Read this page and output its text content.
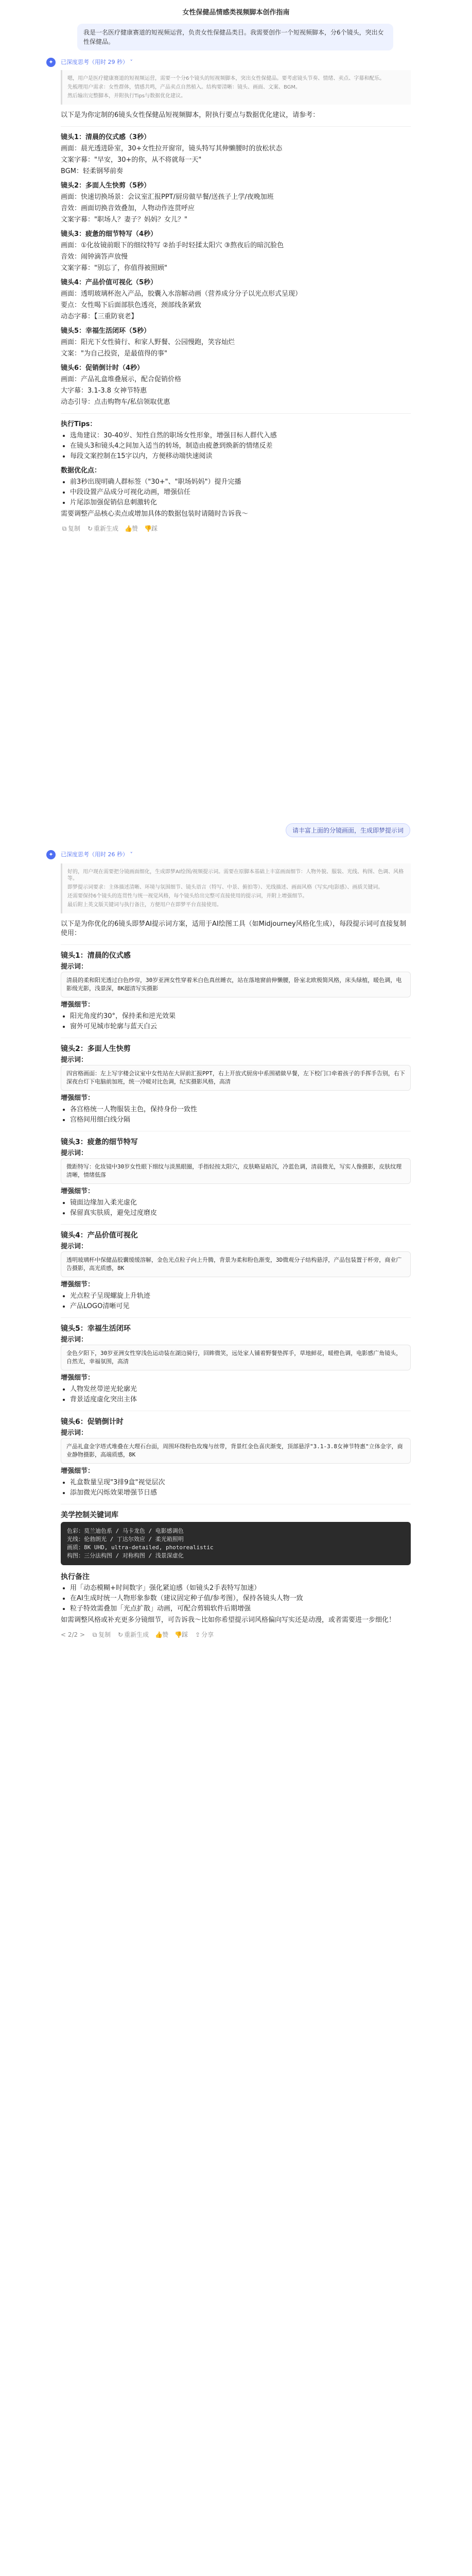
女性保健品情感类视频脚本创作指南
我是一名医疗健康赛道的短视频运营，负责女性保健品类目。我需要创作一个短视频脚本，分6个镜头，突出女性保健品。
✦	已深度思考（用时 29 秒） ˅
嗯，用户是医疗健康赛道的短视频运营，需要一个分6个镜头的短视频脚本，突出女性保健品。要考虑镜头节奏、情绪、卖点、字幕和配乐。
先梳理用户需求：女性群体，情感共鸣，产品卖点自然植入。结构要清晰：镜头、画面、文案、BGM。
然后输出完整脚本，并附执行Tips与数据优化建议。
以下是为你定制的6镜头女性保健品短视频脚本，附执行要点与数据优化建议，请参考：
镜头1：清晨的仪式感（3秒）
画面：晨光透进卧室，30+女性拉开窗帘，镜头特写其伸懒腰时的放松状态
文案字幕："早安，30+的你，从不将就每一天"
BGM：轻柔钢琴前奏
镜头2：多面人生快剪（5秒）
画面：快速切换场景：会议室汇报PPT/厨房做早餐/送孩子上学/夜晚加班
音效：画面切换音效叠加，人物动作连贯呼应
文案字幕："职场人？妻子？妈妈？女儿？"
镜头3：疲惫的细节特写（4秒）
画面：①化妆镜前眼下的细纹特写 ②抬手时轻揉太阳穴 ③熬夜后的暗沉脸色
音效：闹钟滴答声放慢
文案字幕："别忘了，你值得被照顾"
镜头4：产品价值可视化（5秒）
画面：透明玻璃杯泡入产品，胶囊入水溶解动画（营养成分分子以光点形式呈现）
要点：女性喝下后面部肤色透亮，颈部线条紧致
动态字幕：【三重防衰老】
镜头5：幸福生活闭环（5秒）
画面：阳光下女性骑行、和家人野餐、公园慢跑，笑容灿烂
文案："为自己投资，是最值得的事"
镜头6：促销倒计时（4秒）
画面：产品礼盒堆叠展示，配合促销价格
大字幕：3.1-3.8 女神节特惠
动态引导：点击购物车/私信领取优惠
执行Tips：
• 选角建议：30-40岁、知性自然的职场女性形象，增强目标人群代入感
• 在镜头3和镜头4之间加入适当的转场，制造由疲惫到焕新的情绪反差
• 每段文案控制在15字以内，方便移动端快速阅读
数据优化点：
• 前3秒出现明确人群标签（"30+"、"职场妈妈"）提升完播
• 中段设置产品成分可视化动画，增强信任
• 片尾添加强促销信息刺激转化
需要调整产品核心卖点或增加具体的数据包装时请随时告诉我～
⧉ 复制 ↻ 重新生成 👍赞 👎踩
请丰富上面的分镜画面，生成即梦提示词
✦	已深度思考（用时 26 秒） ˅
好的，用户现在需要把分镜画面细化，生成即梦AI绘图/视频提示词。需要在原脚本基础上丰富画面细节：人物外貌、服装、光线、构图、色调、风格等。
即梦提示词要求：主体描述清晰、环境与氛围细节、镜头语言（特写、中景、俯拍等）、光线描述、画面风格（写实/电影感）、画质关键词。
还需要保持6个镜头的连贯性与统一视觉风格，每个镜头给出完整可直接使用的提示词，并附上增强细节。
最后附上英文版关键词与执行备注，方便用户在即梦平台直接使用。
以下是为你优化的6镜头即梦AI提示词方案，适用于AI绘图工具（如Midjourney风格化生成），每段提示词可直接复制使用：
镜头1：清晨的仪式感
提示词：
清晨的柔和阳光透过白色纱帘，30岁亚洲女性穿着米白色真丝睡衣，站在落地窗前伸懒腰，卧室北欧极简风格，床头绿植，暖色调，电影级光影，浅景深，8K超清写实摄影
增强细节：
• 阳光角度约30°，保持柔和逆光效果
• 窗外可见城市轮廓与蓝天白云
镜头2：多面人生快剪
提示词：
四宫格画面：左上写字楼会议室中女性站在大屏前汇报PPT，右上开放式厨房中系围裙做早餐，左下校门口牵着孩子的手挥手告别，右下深夜台灯下电脑前加班，统一冷暖对比色调，纪实摄影风格，高清
增强细节：
• 各宫格统一人物服装主色，保持身份一致性
• 宫格间用细白线分隔
镜头3：疲惫的细节特写
提示词：
微距特写：化妆镜中30岁女性眼下细纹与淡黑眼圈，手指轻按太阳穴，皮肤略显暗沉，冷蓝色调，清晨微光，写实人像摄影，皮肤纹理清晰，情绪低落
增强细节：
• 镜面边缘加入柔光虚化
• 保留真实肤质，避免过度磨皮
镜头4：产品价值可视化
提示词：
透明玻璃杯中保健品胶囊缓缓溶解，金色光点粒子向上升腾，背景为柔和粉色渐变，3D微观分子结构悬浮，产品包装置于杯旁，商业广告摄影，高光质感，8K
增强细节：
• 光点粒子呈现螺旋上升轨迹
• 产品LOGO清晰可见
镜头5：幸福生活闭环
提示词：
金色夕阳下，30岁亚洲女性穿浅色运动装在湖边骑行，回眸微笑，远处家人铺着野餐垫挥手，草地鲜花，暖橙色调，电影感广角镜头，自然光，幸福氛围，高清
增强细节：
• 人物发丝带逆光轮廓光
• 背景适度虚化突出主体
镜头6：促销倒计时
提示词：
产品礼盒金字塔式堆叠在大理石台面，周围环绕粉色玫瑰与丝带，背景红金色喜庆渐变，顶部悬浮"3.1-3.8女神节特惠"立体金字，商业静物摄影，高端质感，8K
增强细节：
• 礼盒数量呈现"3排9盒"视觉层次
• 添加微光闪烁效果增强节日感
美学控制关键词库
色彩：莫兰迪色系 / 马卡龙色 / 电影感调色
光线：伦勃朗光 / 丁达尔效应 / 柔光箱照明
画质：8K UHD, ultra-detailed, photorealistic
构图：三分法构图 / 对称构图 / 浅景深虚化
执行备注
• 用「动态模糊+时间数字」强化紧迫感（如镜头2手表特写加速）
• 在AI生成时统一人物形象参数（建议固定种子值/参考图），保持各镜头人物一致
• 粒子特效需叠加「光点扩散」动画，可配合剪辑软件后期增强
如需调整风格或补充更多分镜细节，可告诉我～比如你希望提示词风格偏向写实还是动漫，或者需要进一步细化！
< 2/2 > ⧉ 复制 ↻ 重新生成 👍赞 👎踩 ⇪ 分享
